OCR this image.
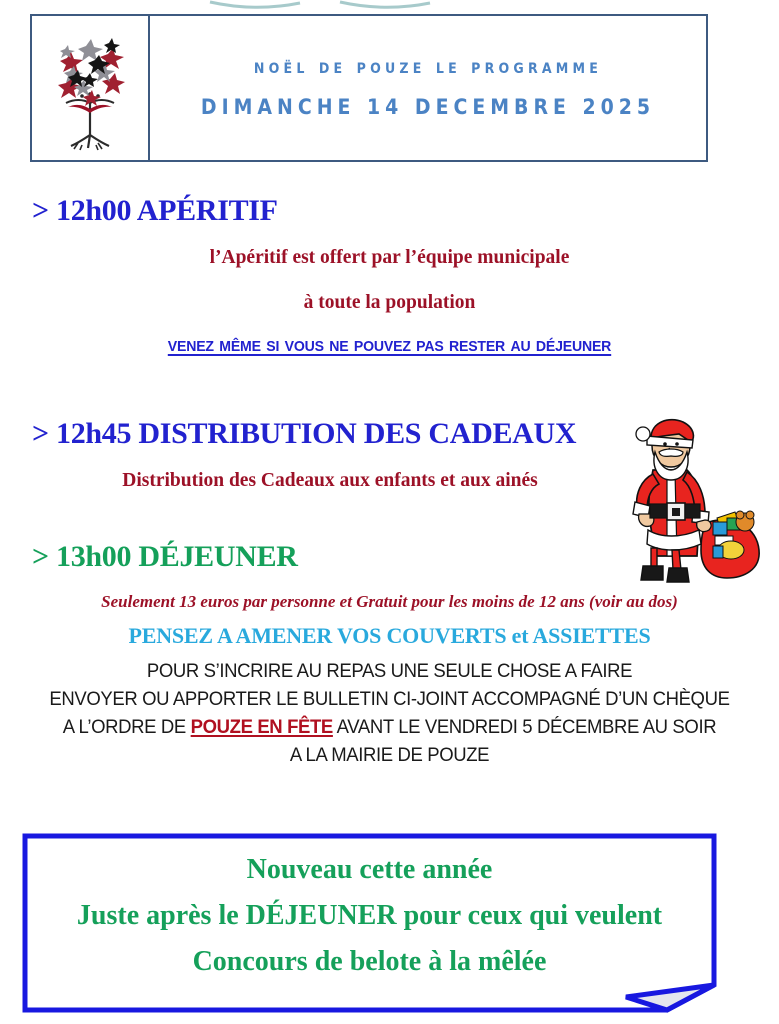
noël de pouze le programme
DIMANCHE 14 DECEMBRE 2025
> 12h00 APÉRITIF
l’Apéritif est offert par l’équipe municipale
à toute la population
venez même si vous ne pouvez pas rester au déjeuner
> 12h45 DISTRIBUTION DES CADEAUX
Distribution des Cadeaux aux enfants et aux ainés
> 13h00 DÉJEUNER
Seulement 13 euros par personne et Gratuit pour les moins de 12 ans (voir au dos)
PENSEZ A AMENER VOS COUVERTS et ASSIETTES
POUR S’INCRIRE AU REPAS UNE SEULE CHOSE A FAIRE
ENVOYER OU APPORTER LE BULLETIN CI-JOINT ACCOMPAGNÉ D’UN CHÈQUE
A L’ORDRE DE POUZE EN FÊTE AVANT LE VENDREDI 5 DÉCEMBRE AU SOIR
A LA MAIRIE DE POUZE
Nouveau cette année
Juste après le DÉJEUNER pour ceux qui veulent
Concours de belote à la mêlée
